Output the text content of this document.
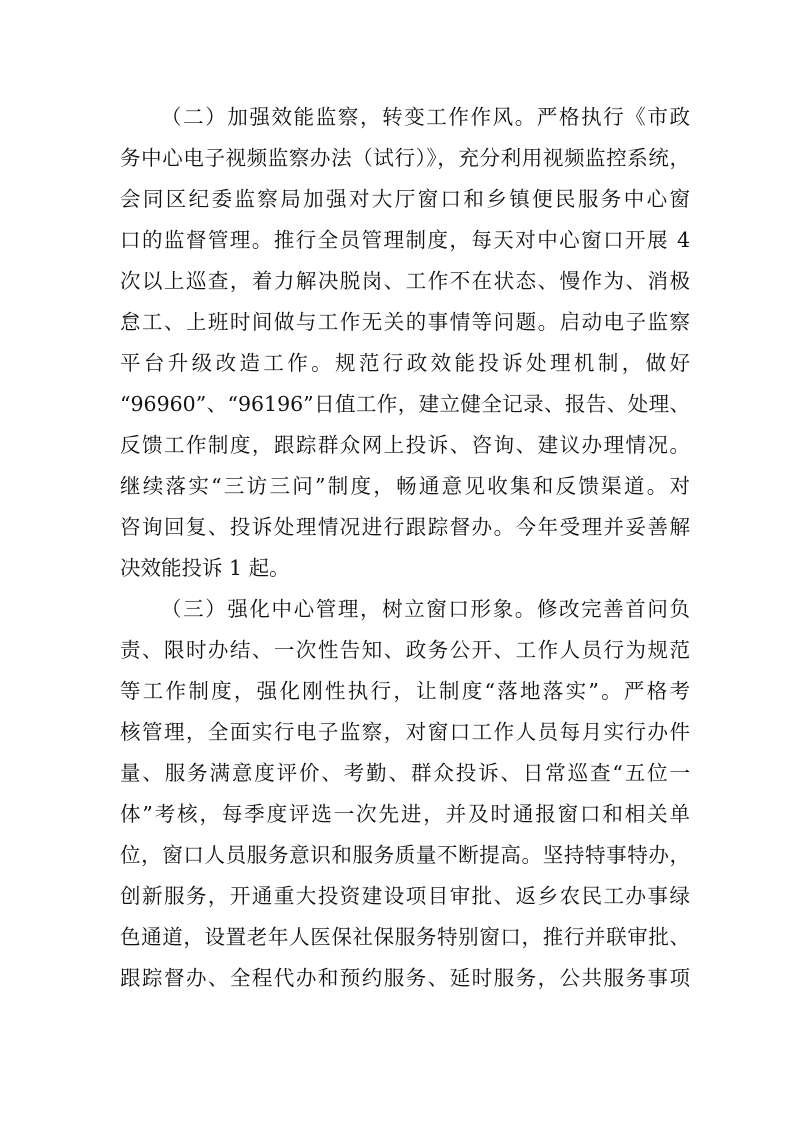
（二）加强效能监察，转变工作作风。严格执行《市政
务中心电子视频监察办法（试行）》，充分利用视频监控系统，
会同区纪委监察局加强对大厅窗口和乡镇便民服务中心窗
口的监督管理。推行全员管理制度，每天对中心窗口开展 4
次以上巡查，着力解决脱岗、工作不在状态、慢作为、消极
怠工、上班时间做与工作无关的事情等问题。启动电子监察
平台升级改造工作。规范行政效能投诉处理机制，做好
“96960”、“96196”日值工作，建立健全记录、报告、处理、
反馈工作制度，跟踪群众网上投诉、咨询、建议办理情况。
继续落实“三访三问”制度，畅通意见收集和反馈渠道。对
咨询回复、投诉处理情况进行跟踪督办。今年受理并妥善解
决效能投诉 1 起。

（三）强化中心管理，树立窗口形象。修改完善首问负
责、限时办结、一次性告知、政务公开、工作人员行为规范
等工作制度，强化刚性执行，让制度“落地落实”。严格考
核管理，全面实行电子监察，对窗口工作人员每月实行办件
量、服务满意度评价、考勤、群众投诉、日常巡查“五位一
体”考核，每季度评选一次先进，并及时通报窗口和相关单
位，窗口人员服务意识和服务质量不断提高。坚持特事特办，
创新服务，开通重大投资建设项目审批、返乡农民工办事绿
色通道，设置老年人医保社保服务特别窗口，推行并联审批、
跟踪督办、全程代办和预约服务、延时服务，公共服务事项
